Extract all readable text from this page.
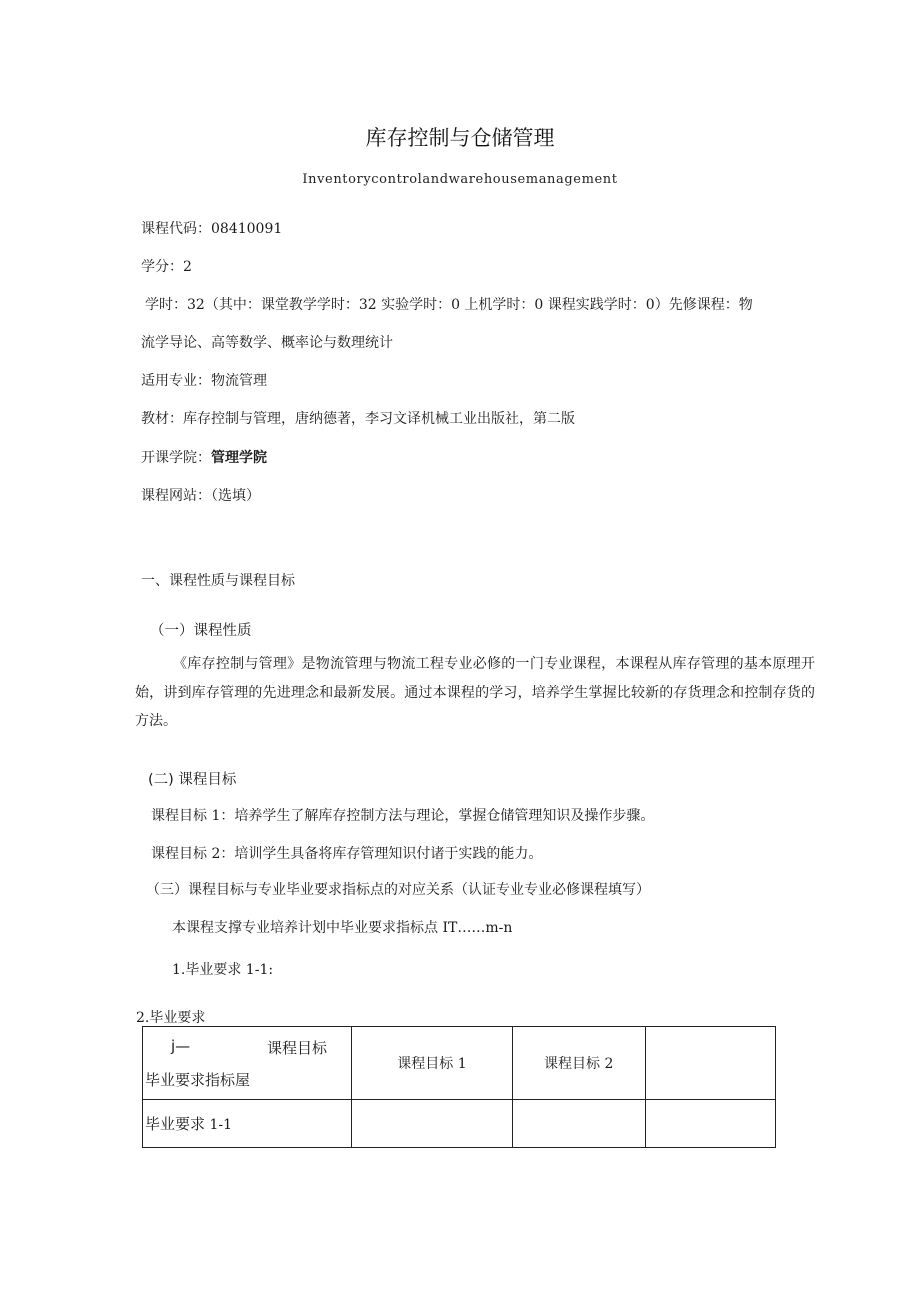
库存控制与仓储管理
Inventorycontrolandwarehousemanagement
课程代码：08410091
学分：2
学时：32（其中：课堂教学学时：32 实验学时：0 上机学时：0 课程实践学时：0）先修课程：物
流学导论、高等数学、概率论与数理统计
适用专业：物流管理
教材：库存控制与管理，唐纳德著，李习文译机械工业出版社，第二版
开课学院：管理学院
课程网站：（选填）
一、课程性质与课程目标
（一）课程性质
《库存控制与管理》是物流管理与物流工程专业必修的一门专业课程，本课程从库存管理的基本原理开始，讲到库存管理的先进理念和最新发展。通过本课程的学习，培养学生掌握比较新的存货理念和控制存货的方法。
(二) 课程目标
课程目标 1：培养学生了解库存控制方法与理论，掌握仓储管理知识及操作步骤。
课程目标 2：培训学生具备将库存管理知识付诸于实践的能力。
（三）课程目标与专业毕业要求指标点的对应关系（认证专业专业必修课程填写）
本课程支撑专业培养计划中毕业要求指标点 IT……m-n
1.毕业要求 1-1:
2.毕业要求
j— 课程目标
毕业要求指标屋	课程目标 1	课程目标 2	
毕业要求 1-1			
